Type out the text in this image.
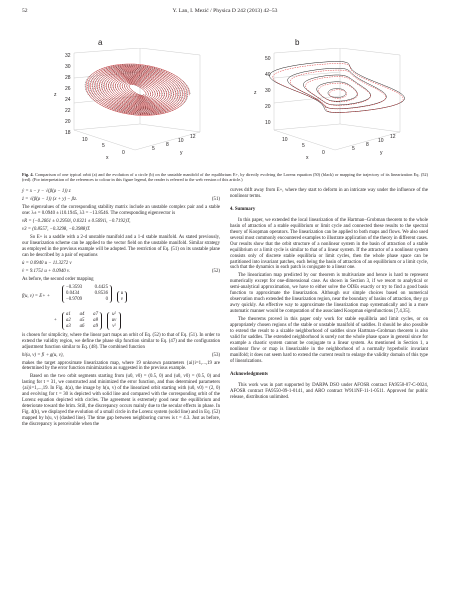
52	Y. Lan, I. Mezić / Physica D 242 (2013) 42–53
a	b
32
30
28
26
24
22
20
18
z
10
5
0
x
5
8
10
12
y
50
40
30
20
10
z
10
5
0
x
5
8
10
12
y
Fig. 4. Comparison of one typical orbit (a) and the evolution of a circle (b) on the unstable manifold of the equilibrium E+, by directly evolving the Lorenz equation (50) (black) or mapping the trajectory of its linearization Eq. (52) (red). (For interpretation of the references to colour in this figure legend, the reader is referred to the web version of this article.)
ẏ = x − y − √(β(ρ − 1)) z
ż = √(β(ρ − 1)) (x + y) − βz.	(51)

The eigenvalues of the corresponding stability matrix include an unstable complex pair and a stable one: λ± = 0.0940 ± i10.1945, λ3 = −13.8546. The corresponding eigenvector is

vR = (−0.2661 ± 0.2950i, 0.0321 ± 0.5691i, −0.7192)T,
v3 = (0.8557, −0.3298, −0.3988)T.

So E+ is a saddle with a 2-d unstable manifold and a 1-d stable manifold. As stated previously, our linearization scheme can be applied to the vector field on the unstable manifold. Similar strategy as employed in the previous example will be adopted. The restriction of Eq. (51) on its unstable plane can be described by a pair of equations

u̇ = 0.0940 u − 11.3272 v
v̇ = 9.1751 u + 0.0940 v.	(52)

As before, the second order mapping

f(u, v) = E+ +
−0.3593	0.4425
0.0434	0.8536
−0.9709	0
u
v
+
a1 a4 a7
a2 a5 a8
a3 a6 a9
u²
uv
v²

is chosen for simplicity, where the linear part maps an orbit of Eq. (52) to that of Eq. (51). In order to extend the validity region, we define the phase slip function similar to Eq. (47) and the configuration adjustment function similar to Eq. (48). The combined function

hi(u, v) = fi ∘ g(u, v),	(53)

makes the target approximate linearization map, where 19 unknown parameters {ai}i=1,...,19 are determined by the error function minimization as suggested in the previous example.

Based on the two orbit segments starting from (u0, v0) = (0.5, 0) and (u0, v0) = (0.5, 0) and lasting for t = 31, we constructed and minimized the error function, and thus determined parameters {ai}i=1,...,19. In Fig. 4(a), the image by h(u, v) of the linearized orbit starting with (u0, v0) = (2, 0) and evolving for t = 30 is depicted with solid line and compared with the corresponding orbit of the Lorenz equation depicted with circles. The agreement is extremely good near the equilibrium and deteriorate toward the brim. Still, the discrepancy occurs mainly due to the secular effects in phase. In Fig. 4(b), we displayed the evolution of a small circle in the Lorenz system (solid line) and in Eq. (52) mapped by h(u, v) (dashed line). The time gap between neighboring curves is t = 4.3. Just as before, the discrepancy is perceivable when the

curves drift away from E+, where they start to deform in an intricate way under the influence of the nonlinear terms.

4. Summary

In this paper, we extended the local linearization of the Hartman–Grobman theorem to the whole basin of attraction of a stable equilibrium or limit cycle and connected these results to the spectral theory of Koopman operators. The linearization can be applied to both maps and flows. We also used several most commonly encountered examples to illustrate application of the theory in different cases. Our results show that the orbit structure of a nonlinear system in the basin of attraction of a stable equilibrium or a limit cycle is similar to that of a linear system. If the attractor of a nonlinear system consists only of discrete stable equilibria or limit cycles, then the whole phase space can be partitioned into invariant patches, each being the basin of attraction of an equilibrium or a limit cycle, such that the dynamics in each patch is conjugate to a linear one.

The linearization map predicted by our theorem is multivariate and hence is hard to represent numerically except for one-dimensional case. As shown in Section 3, if we resort to analytical or semi-analytical approximation, we have to either solve the ODEs exactly or try to find a good basis function to approximate the linearization. Although our simple choices based on numerical observation much extended the linearization region, near the boundary of basins of attraction, they go awry quickly. An effective way to approximate the linearization map systematically and in a more automatic manner would be computation of the associated Koopman eigenfunctions [7,4,35].

The theorems proved in this paper only work for stable equilibria and limit cycles, or on appropriately chosen regions of the stable or unstable manifold of saddles. It should be also possible to extend the result to a sizable neighborhood of saddles since Hartman–Grobman theorem is also valid for saddles. The extended neighborhood is surely not the whole phase space in general since for example a chaotic system cannot be conjugate to a linear system. As mentioned in Section 1, a nonlinear flow or map is linearizable in the neighborhood of a normally hyperbolic invariant manifold; it does not seem hard to extend the current result to enlarge the validity domain of this type of linearizations.

Acknowledgments

This work was in part supported by DARPA DSO under AFOSR contract FA9550-07-C-0024, AFOSR contract FA9550-09-1-0141, and ARO contract W911NF-11-1-0511. Approved for public release, distribution unlimited.
